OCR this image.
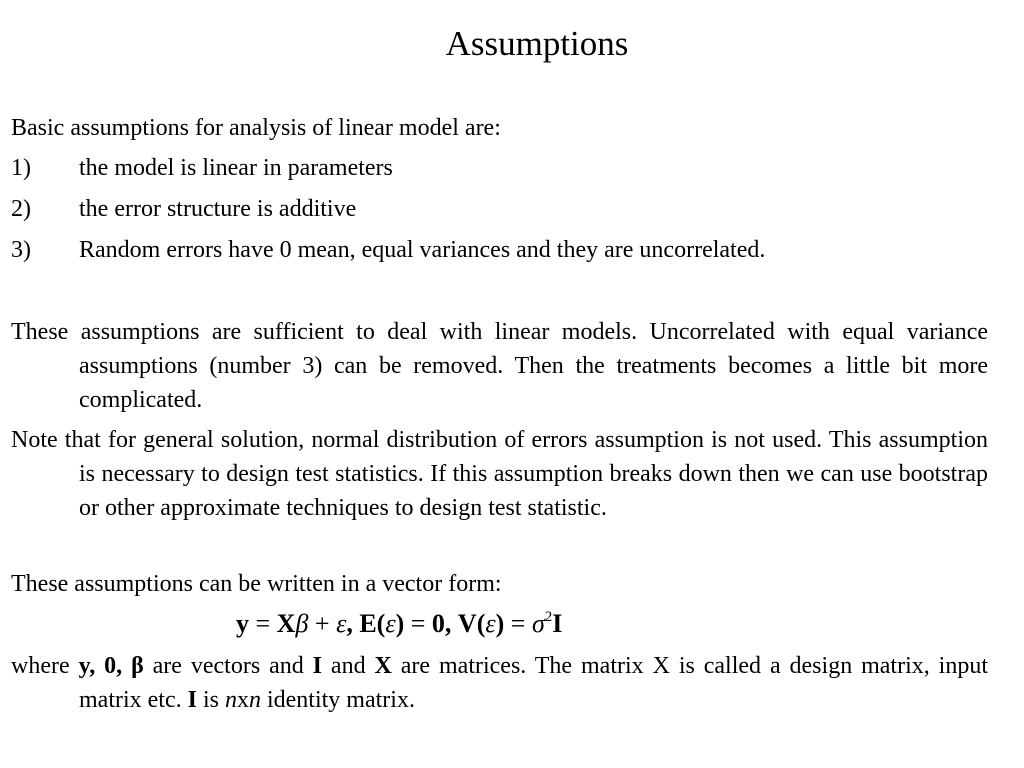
Assumptions
Basic assumptions for analysis of linear model are:
1) the model is linear in parameters
2) the error structure is additive
3) Random errors have 0 mean, equal variances and they are uncorrelated.
These assumptions are sufficient to deal with linear models. Uncorrelated with equal variance assumptions (number 3) can be removed. Then the treatments becomes a little bit more complicated.
Note that for general solution, normal distribution of errors assumption is not used. This assumption is necessary to design test statistics. If this assumption breaks down then we can use bootstrap or other approximate techniques to design test statistic.
These assumptions can be written in a vector form:
y = Xβ + ε, E(ε) = 0, $V(\varepsilon) = \sigma^2I$
where y, 0, β are vectors and I and X are matrices. The matrix X is called a design matrix, input matrix etc. I is nxn identity matrix.
